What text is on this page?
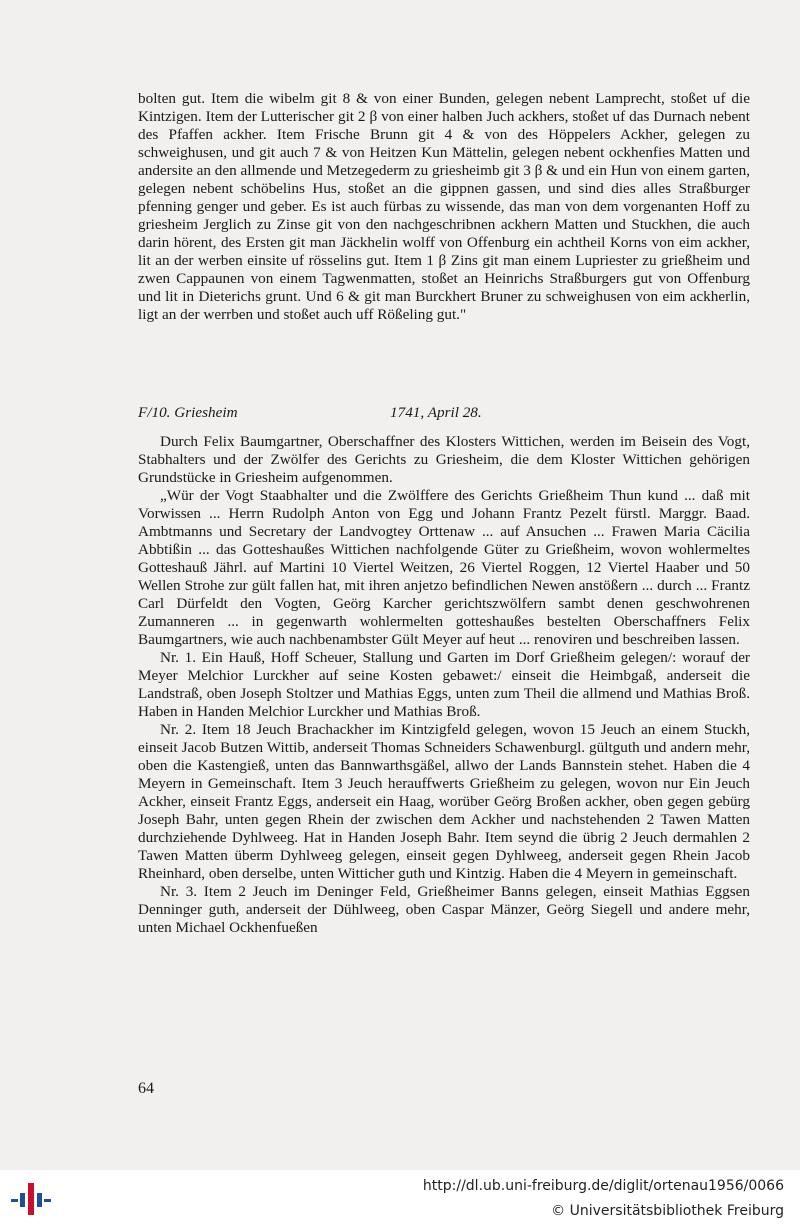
bolten gut. Item die wibelm git 8 & von einer Bunden, gelegen nebent Lamprecht, stoßet uf die Kintzigen. Item der Lutterischer git 2 β von einer halben Juch ackhers, stoßet uf das Durnach nebent des Pfaffen ackher. Item Frische Brunn git 4 & von des Höppelers Ackher, gelegen zu schweighusen, und git auch 7 & von Heitzen Kun Mättelin, gelegen nebent ockhenfies Matten und andersite an den allmende und Metzegederm zu griesheimb git 3 β & und ein Hun von einem garten, gelegen nebent schöbelins Hus, stoßet an die gippnen gassen, und sind dies alles Straßburger pfenning genger und geber. Es ist auch fürbas zu wissende, das man von dem vorgenanten Hoff zu griesheim Jerglich zu Zinse git von den nachgeschribnen ackhern Matten und Stuckhen, die auch darin hörent, des Ersten git man Jäckhelin wolff von Offenburg ein achtheil Korns von eim ackher, lit an der werben einsite uf rösselins gut. Item 1 β Zins git man einem Lupriester zu grießheim und zwen Cappaunen von einem Tagwenmatten, stoßet an Heinrichs Straßburgers gut von Offenburg und lit in Dieterichs grunt. Und 6 & git man Burckhert Bruner zu schweighusen von eim ackherlin, ligt an der werrben und stoßet auch uff Rößeling gut."

F/10. Griesheim	1741, April 28.

Durch Felix Baumgartner, Oberschaffner des Klosters Wittichen, werden im Beisein des Vogt, Stabhalters und der Zwölfer des Gerichts zu Griesheim, die dem Kloster Wittichen gehörigen Grundstücke in Griesheim aufgenommen.

„Wür der Vogt Staabhalter und die Zwölffere des Gerichts Grießheim Thun kund ... daß mit Vorwissen ... Herrn Rudolph Anton von Egg und Johann Frantz Pezelt fürstl. Marggr. Baad. Ambtmanns und Secretary der Landvogtey Orttenaw ... auf Ansuchen ... Frawen Maria Cäcilia Abbtißin ... das Gotteshaußes Wittichen nachfolgende Güter zu Grießheim, wovon wohlermeltes Gotteshauß Jährl. auf Martini 10 Viertel Weitzen, 26 Viertel Roggen, 12 Viertel Haaber und 50 Wellen Strohe zur gült fallen hat, mit ihren anjetzo befindlichen Newen anstößern ... durch ... Frantz Carl Dürfeldt den Vogten, Geörg Karcher gerichtszwölfern sambt denen geschwohrenen Zumanneren ... in gegenwarth wohlermelten gotteshaußes bestelten Oberschaffners Felix Baumgartners, wie auch nachbenambster Gült Meyer auf heut ... renoviren und beschreiben lassen.

Nr. 1. Ein Hauß, Hoff Scheuer, Stallung und Garten im Dorf Grießheim gelegen/: worauf der Meyer Melchior Lurckher auf seine Kosten gebawet:/ einseit die Heimbgaß, anderseit die Landstraß, oben Joseph Stoltzer und Mathias Eggs, unten zum Theil die allmend und Mathias Broß. Haben in Handen Melchior Lurckher und Mathias Broß.

Nr. 2. Item 18 Jeuch Brachackher im Kintzigfeld gelegen, wovon 15 Jeuch an einem Stuckh, einseit Jacob Butzen Wittib, anderseit Thomas Schneiders Schawenburgl. gültguth und andern mehr, oben die Kastengieß, unten das Bannwarthsgäßel, allwo der Lands Bannstein stehet. Haben die 4 Meyern in Gemeinschaft. Item 3 Jeuch herauffwerts Grießheim zu gelegen, wovon nur Ein Jeuch Ackher, einseit Frantz Eggs, anderseit ein Haag, worüber Geörg Broßen ackher, oben gegen gebürg Joseph Bahr, unten gegen Rhein der zwischen dem Ackher und nachstehenden 2 Tawen Matten durchziehende Dyhlweeg. Hat in Handen Joseph Bahr. Item seynd die übrig 2 Jeuch dermahlen 2 Tawen Matten überm Dyhlweeg gelegen, einseit gegen Dyhlweeg, anderseit gegen Rhein Jacob Rheinhard, oben derselbe, unten Witticher guth und Kintzig. Haben die 4 Meyern in gemeinschaft.

Nr. 3. Item 2 Jeuch im Deninger Feld, Grießheimer Banns gelegen, einseit Mathias Eggsen Denninger guth, anderseit der Dühlweeg, oben Caspar Mänzer, Geörg Siegell und andere mehr, unten Michael Ockhenfueßen

64
http://dl.ub.uni-freiburg.de/diglit/ortenau1956/0066
© Universitätsbibliothek Freiburg
